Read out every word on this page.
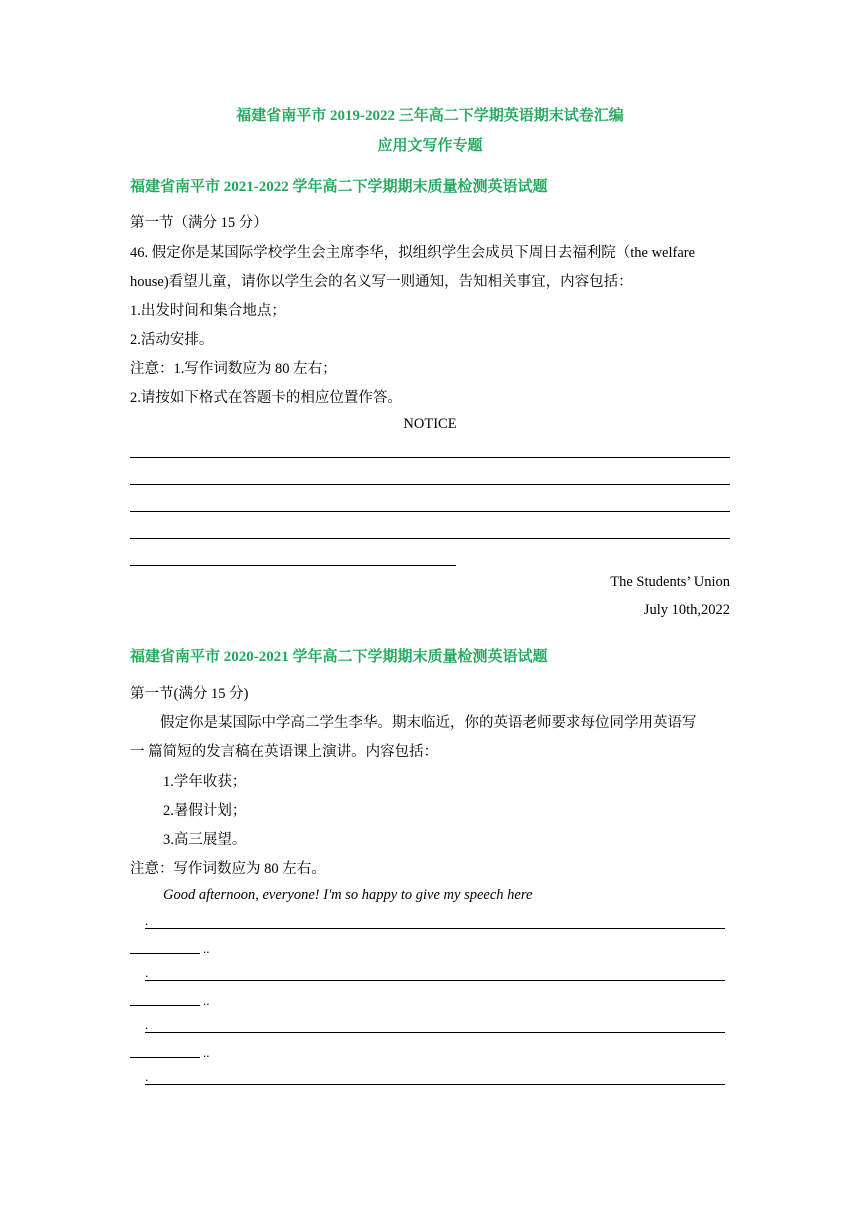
福建省南平市 2019-2022 三年高二下学期英语期末试卷汇编
应用文写作专题
福建省南平市 2021-2022 学年高二下学期期末质量检测英语试题
第一节（满分 15 分）
46. 假定你是某国际学校学生会主席李华，拟组织学生会成员下周日去福利院（the welfare
house)看望儿童，请你以学生会的名义写一则通知，告知相关事宜，内容包括：
1.出发时间和集合地点；
2.活动安排。
注意：1.写作词数应为 80 左右；
2.请按如下格式在答题卡的相应位置作答。
NOTICE
The Students’ Union
July 10th,2022
福建省南平市 2020-2021 学年高二下学期期末质量检测英语试题
第一节(满分 15 分)
假定你是某国际中学高二学生李华。期末临近，你的英语老师要求每位同学用英语写
一 篇简短的发言稿在英语课上演讲。内容包括：
1.学年收获；
2.暑假计划；
3.高三展望。
注意：写作词数应为 80 左右。
Good afternoon, everyone! I'm so happy to give my speech here
.
..
.
..
.
..
.
